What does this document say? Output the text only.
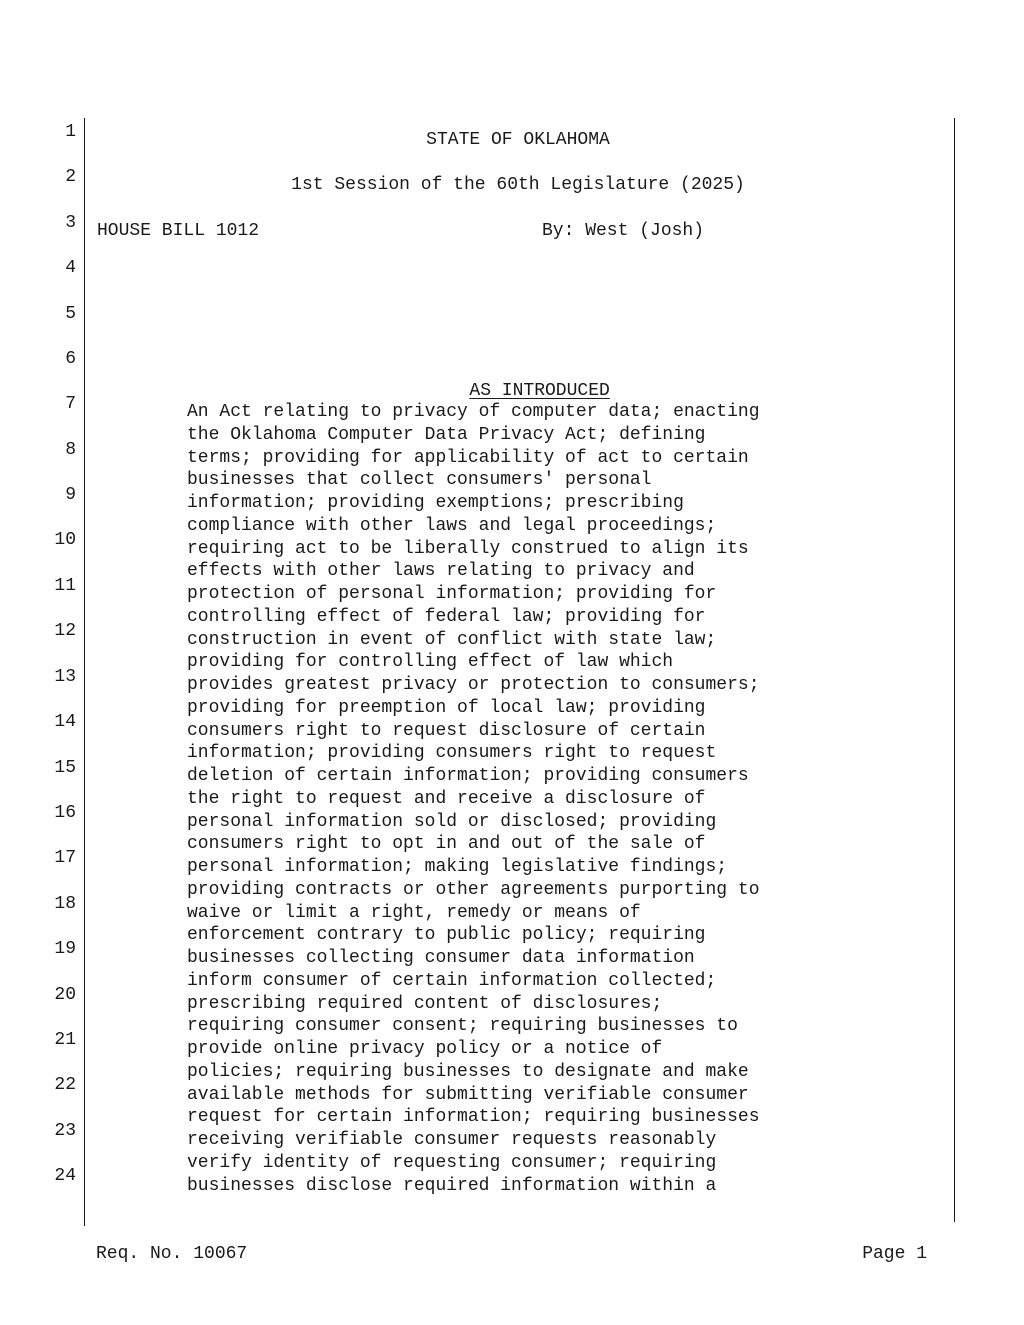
1
2
3
4
5
6
7
8
9
10
11
12
13
14
15
16
17
18
19
20
21
22
23
24
STATE OF OKLAHOMA
1st Session of the 60th Legislature (2025)
HOUSE BILL 1012	By: West (Josh)

AS INTRODUCED

An Act relating to privacy of computer data; enacting
the Oklahoma Computer Data Privacy Act; defining
terms; providing for applicability of act to certain
businesses that collect consumers' personal
information; providing exemptions; prescribing
compliance with other laws and legal proceedings;
requiring act to be liberally construed to align its
effects with other laws relating to privacy and
protection of personal information; providing for
controlling effect of federal law; providing for
construction in event of conflict with state law;
providing for controlling effect of law which
provides greatest privacy or protection to consumers;
providing for preemption of local law; providing
consumers right to request disclosure of certain
information; providing consumers right to request
deletion of certain information; providing consumers
the right to request and receive a disclosure of
personal information sold or disclosed; providing
consumers right to opt in and out of the sale of
personal information; making legislative findings;
providing contracts or other agreements purporting to
waive or limit a right, remedy or means of
enforcement contrary to public policy; requiring
businesses collecting consumer data information
inform consumer of certain information collected;
prescribing required content of disclosures;
requiring consumer consent; requiring businesses to
provide online privacy policy or a notice of
policies; requiring businesses to designate and make
available methods for submitting verifiable consumer
request for certain information; requiring businesses
receiving verifiable consumer requests reasonably
verify identity of requesting consumer; requiring
businesses disclose required information within a
Req. No. 10067	Page 1
